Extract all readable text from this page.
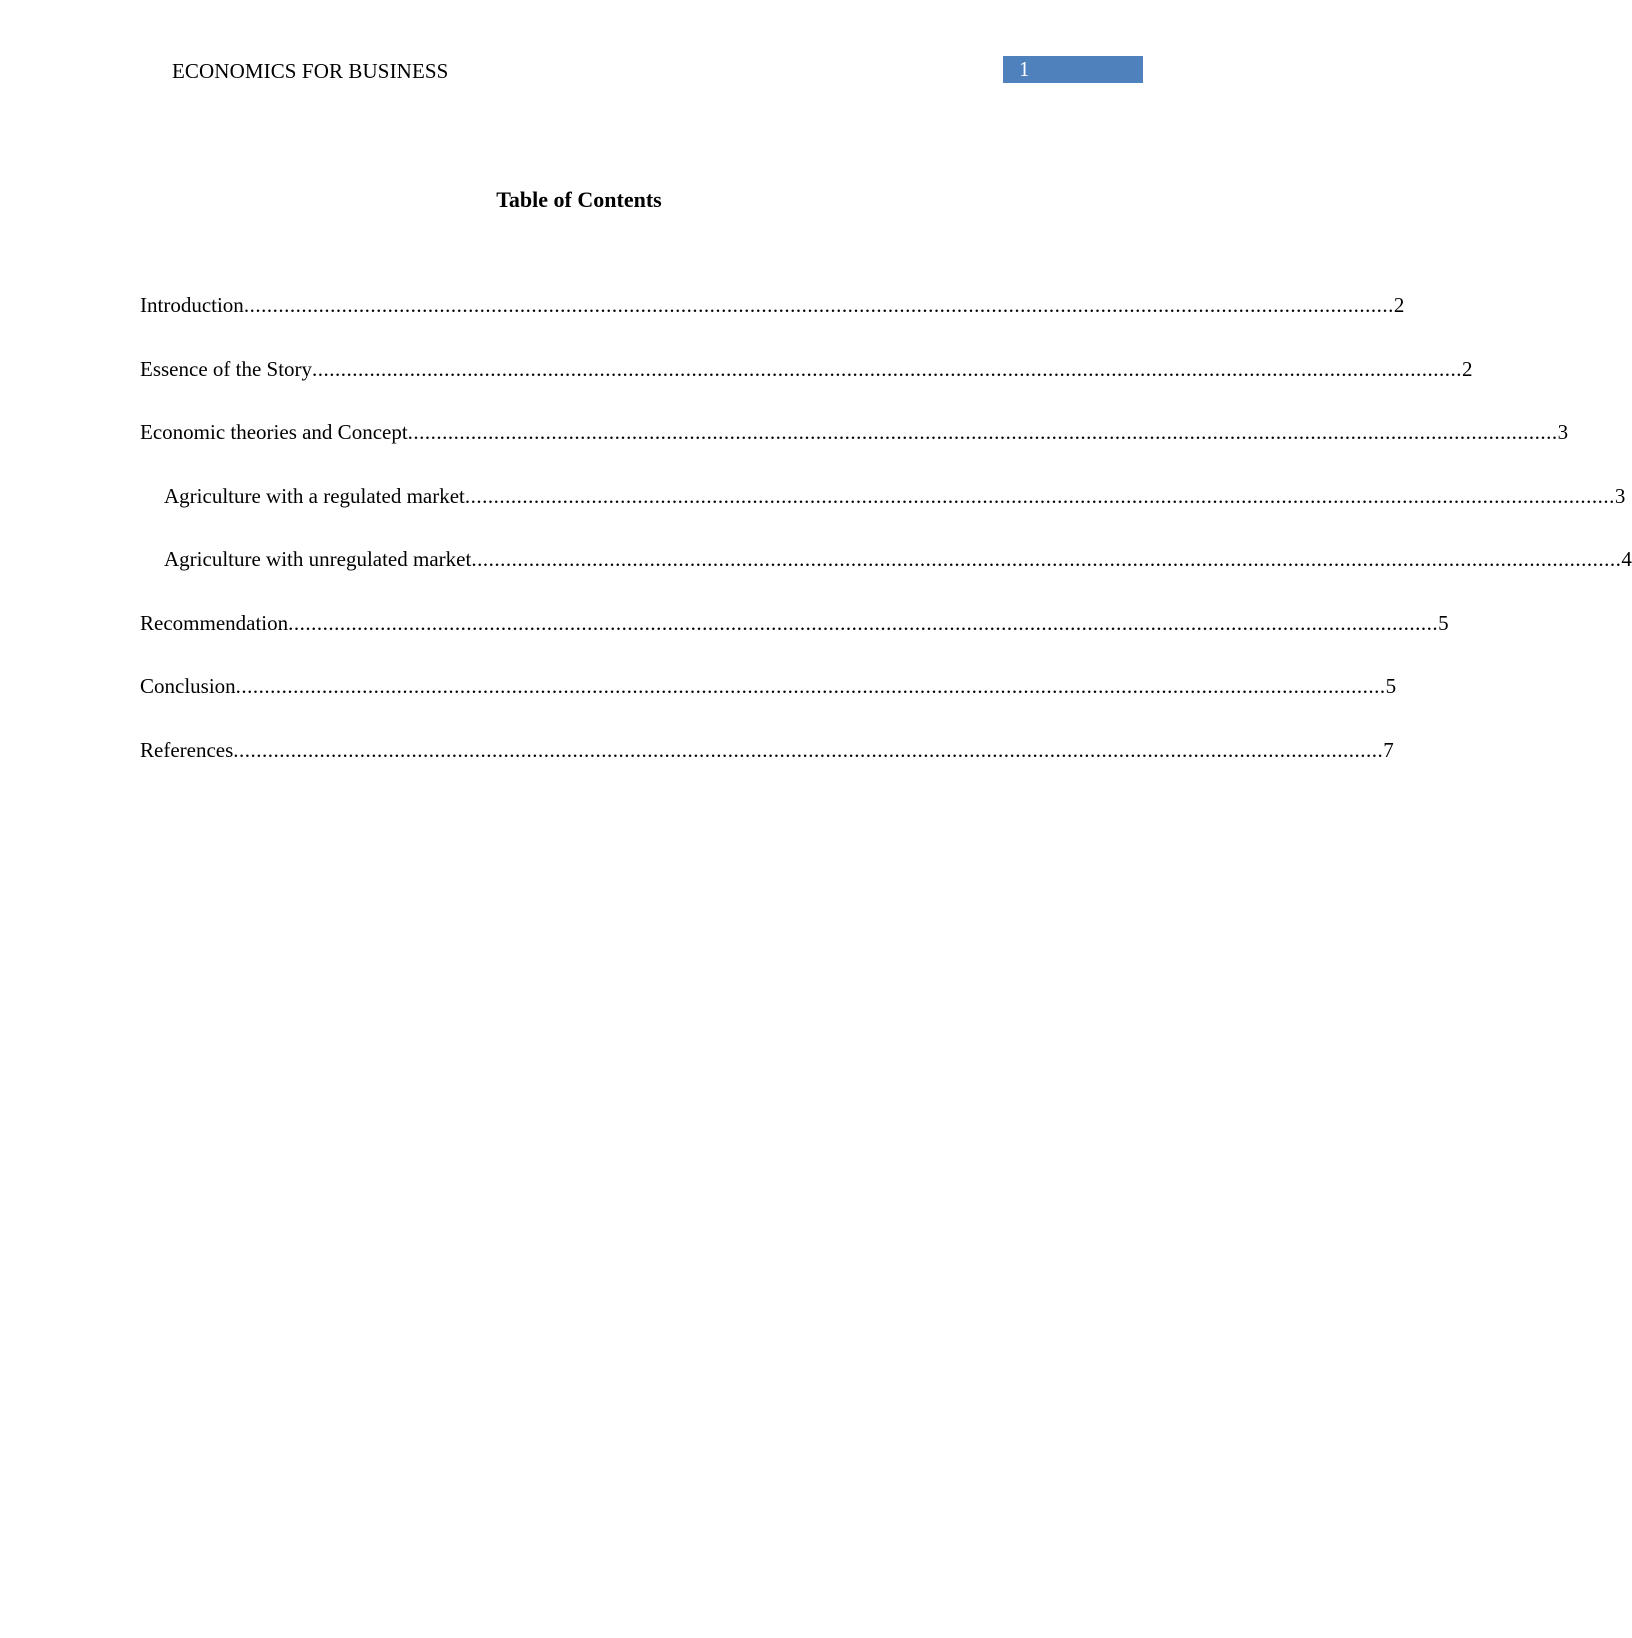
ECONOMICS FOR BUSINESS	1
Table of Contents
Introduction ........................................................................................................................................................................................................ 2
Essence of the Story ........................................................................................................................................................................................................ 2
Economic theories and Concept ........................................................................................................................................................................................................ 3
Agriculture with a regulated market ........................................................................................................................................................................................................ 3
Agriculture with unregulated market ........................................................................................................................................................................................................ 4
Recommendation ........................................................................................................................................................................................................ 5
Conclusion ........................................................................................................................................................................................................ 5
References ........................................................................................................................................................................................................ 7
